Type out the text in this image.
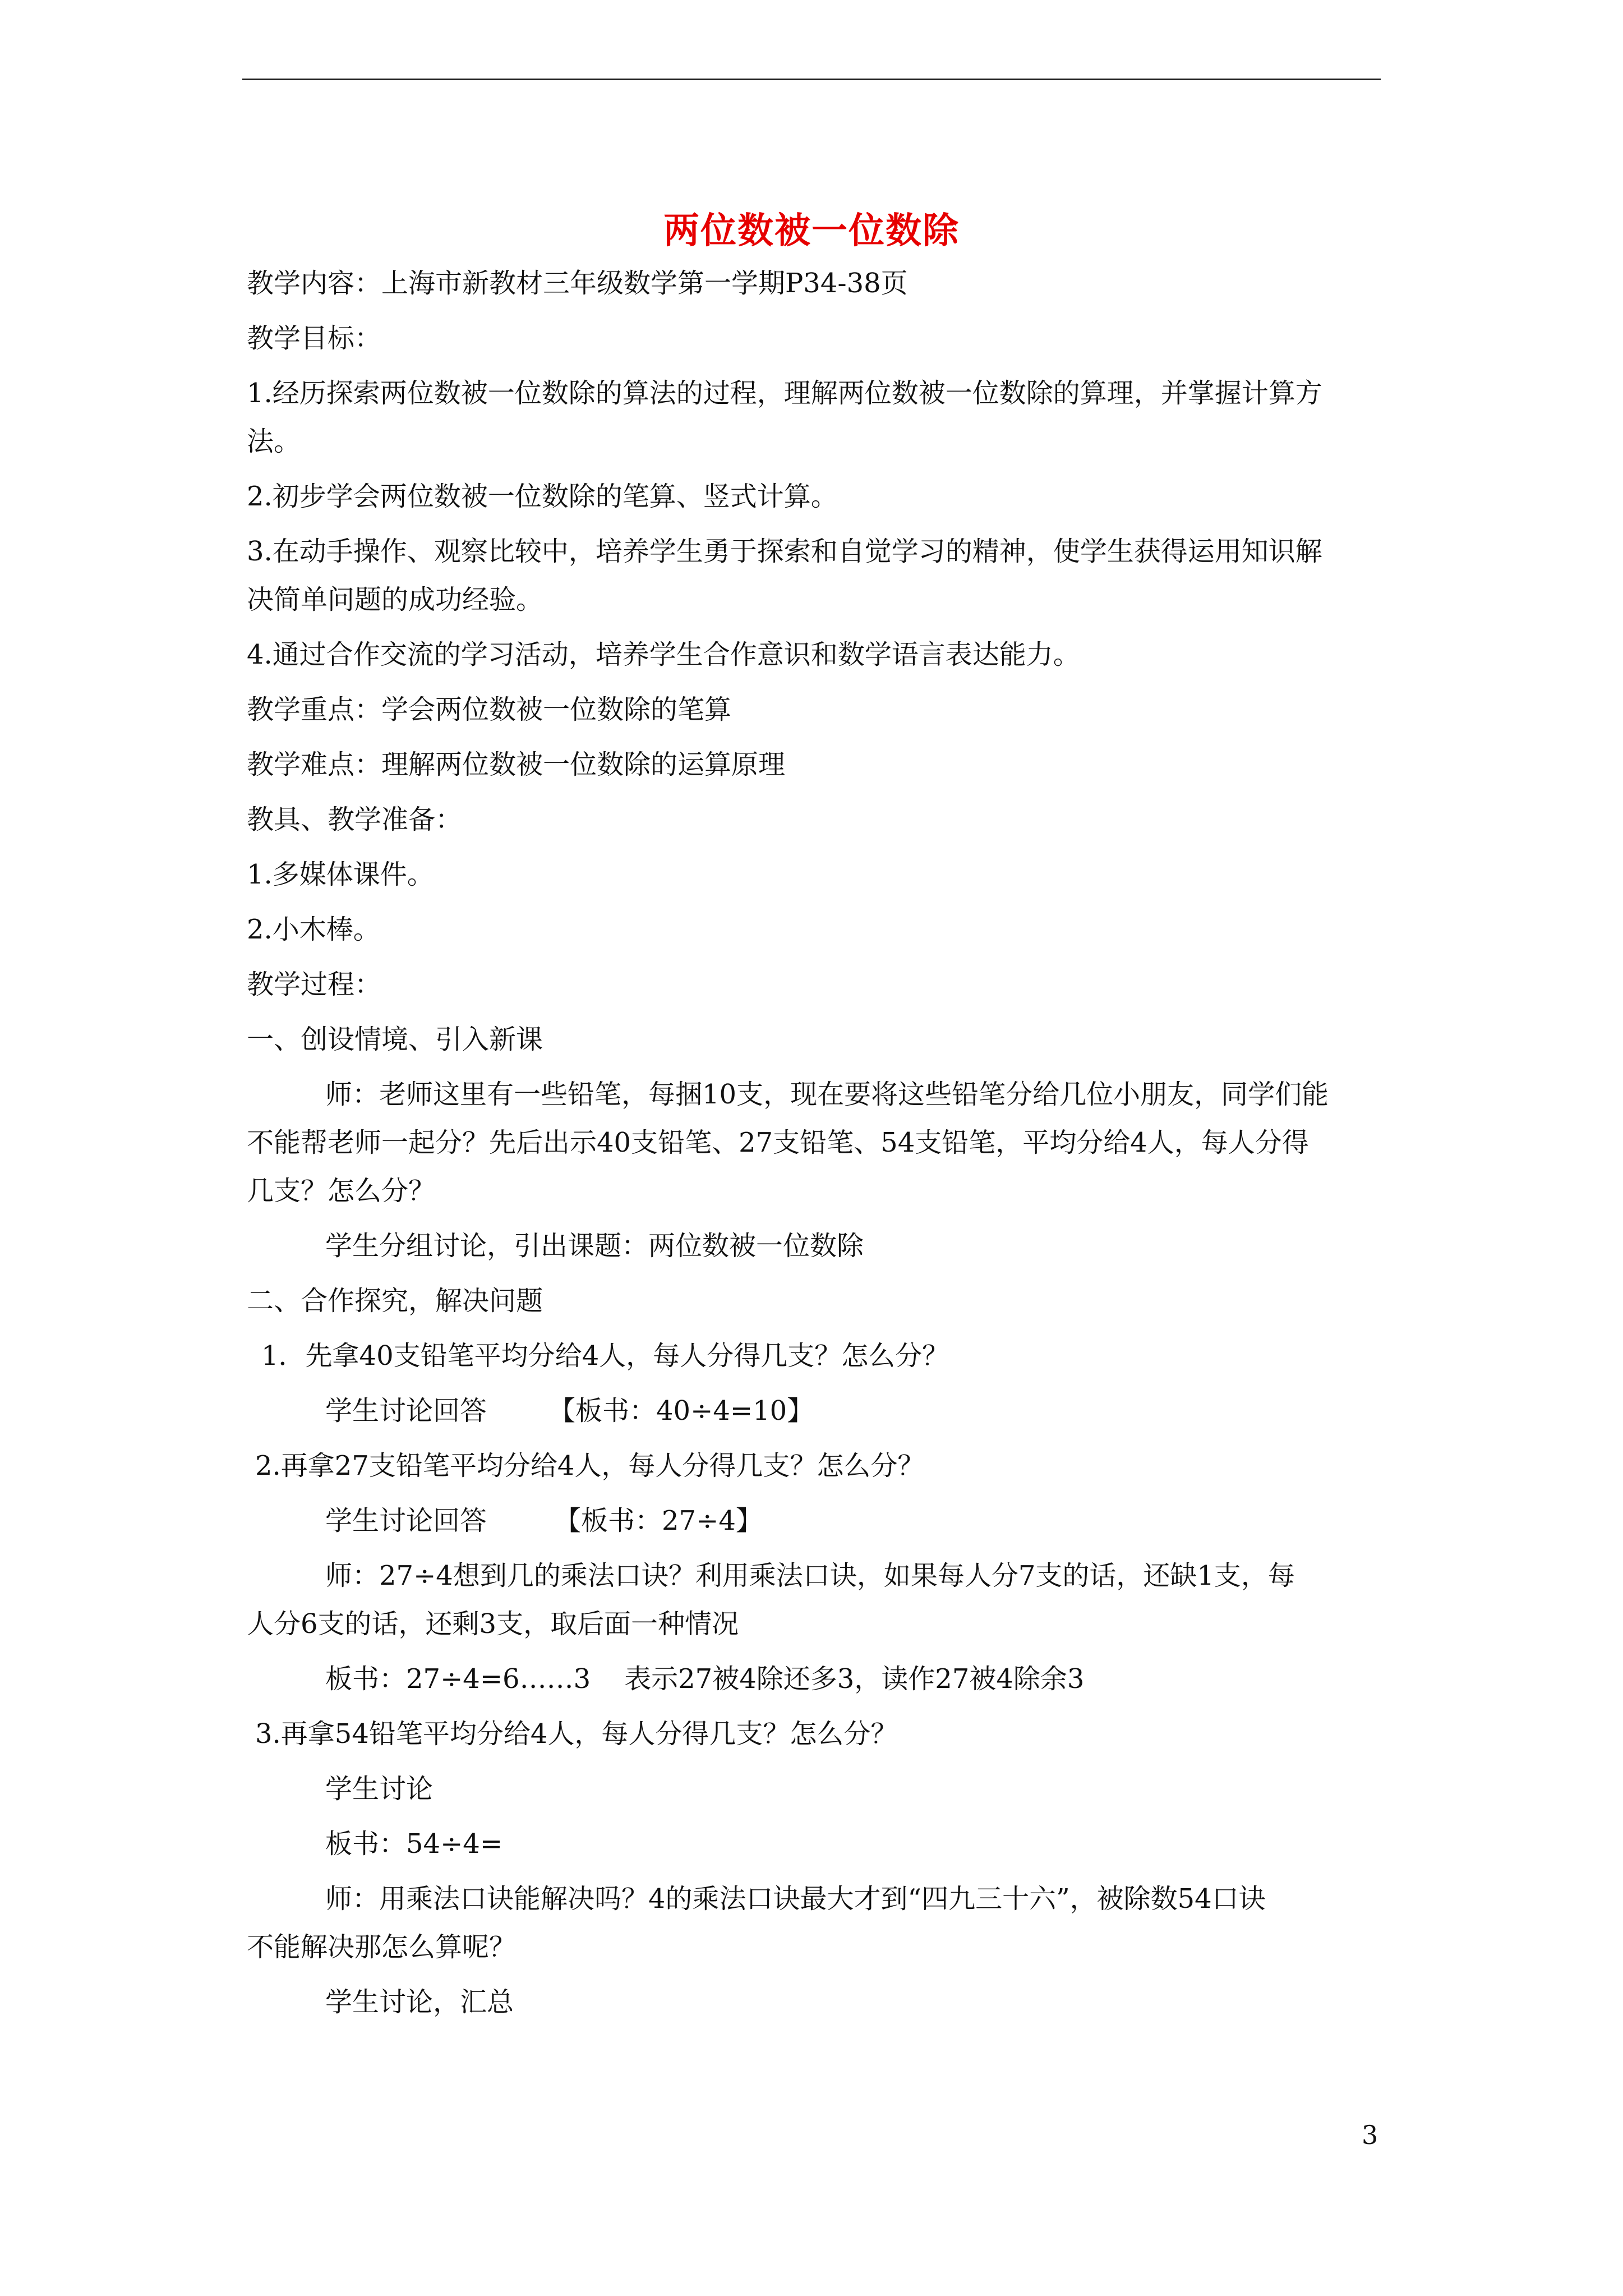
两位数被一位数除
教学内容：上海市新教材三年级数学第一学期P34-38页
教学目标：
1.经历探索两位数被一位数除的算法的过程，理解两位数被一位数除的算理，并掌握计算方
法。
2.初步学会两位数被一位数除的笔算、竖式计算。
3.在动手操作、观察比较中，培养学生勇于探索和自觉学习的精神，使学生获得运用知识解
决简单问题的成功经验。
4.通过合作交流的学习活动，培养学生合作意识和数学语言表达能力。
教学重点：学会两位数被一位数除的笔算
教学难点：理解两位数被一位数除的运算原理
教具、教学准备：
1.多媒体课件。
2.小木棒。
教学过程：
一、创设情境、引入新课
师：老师这里有一些铅笔，每捆10支，现在要将这些铅笔分给几位小朋友，同学们能
不能帮老师一起分？先后出示40支铅笔、27支铅笔、54支铅笔，平均分给4人，每人分得
几支？怎么分？
学生分组讨论，引出课题：两位数被一位数除
二、合作探究，解决问题
1．先拿40支铅笔平均分给4人，每人分得几支？怎么分？
学生讨论回答 【板书：40÷4=10】
2.再拿27支铅笔平均分给4人，每人分得几支？怎么分？
学生讨论回答	【板书：27÷4】
师：27÷4想到几的乘法口诀？利用乘法口诀，如果每人分7支的话，还缺1支，每
人分6支的话，还剩3支，取后面一种情况
板书：27÷4=6……3 表示27被4除还多3，读作27被4除余3
3.再拿54铅笔平均分给4人，每人分得几支？怎么分？
学生讨论
板书：54÷4=
师：用乘法口诀能解决吗？4的乘法口诀最大才到“四九三十六”，被除数54口诀
不能解决那怎么算呢？
学生讨论，汇总
3
